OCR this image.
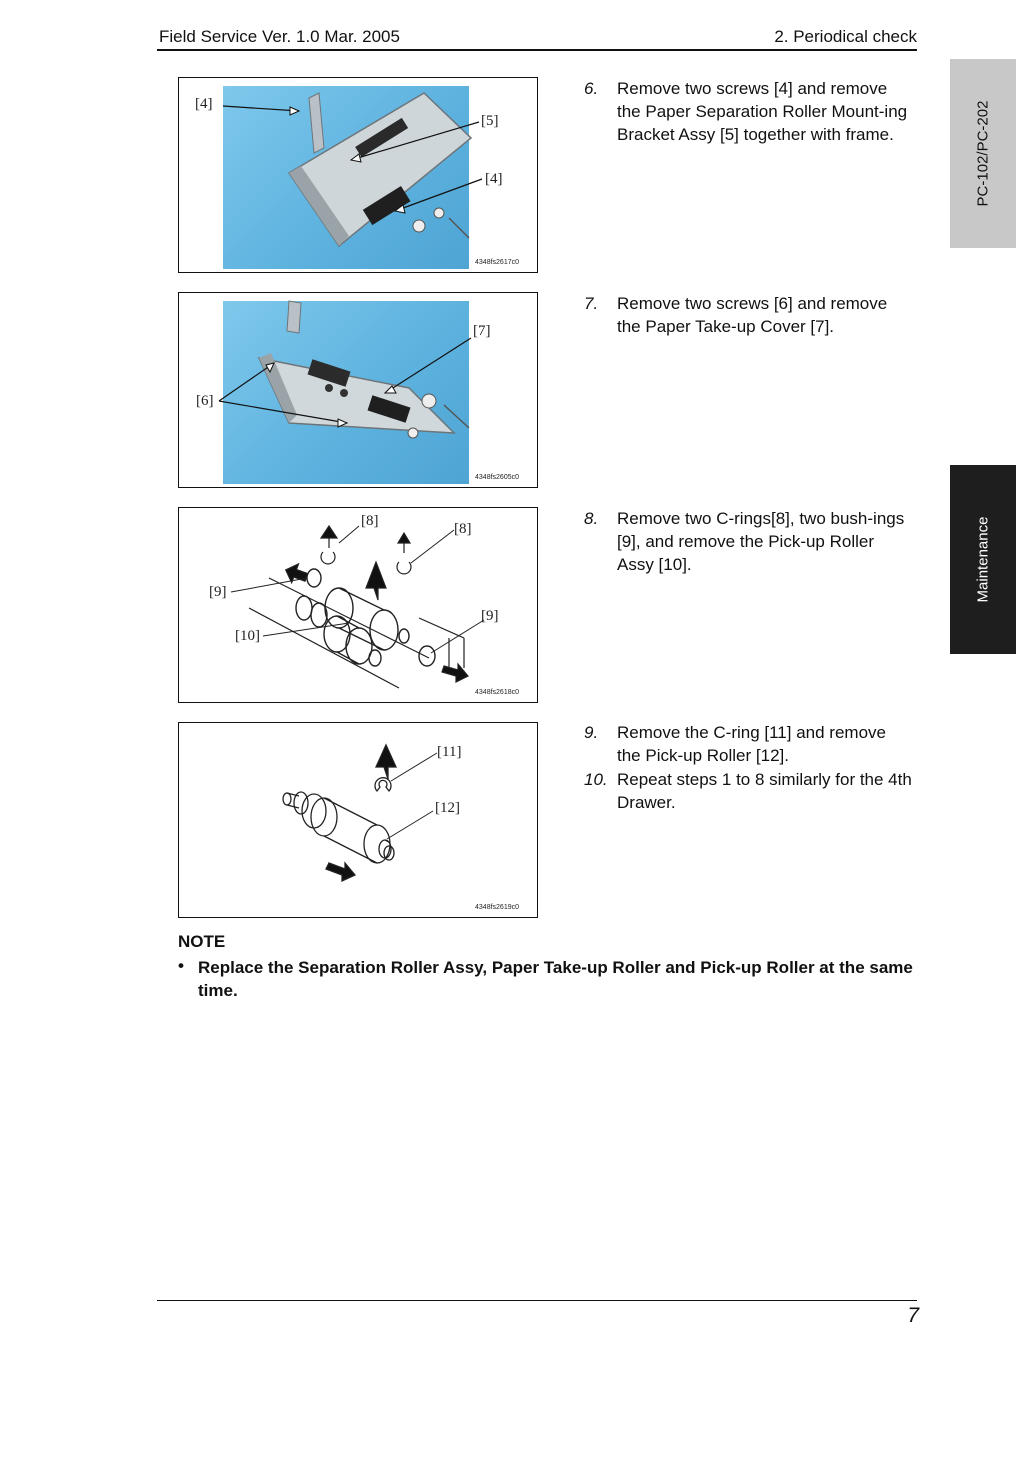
Field Service Ver. 1.0 Mar. 2005	2. Periodical check
PC-102/PC-202
Maintenance
[4]
[5]
[4]
4348fs2617c0
[7]
[6]
4348fs2605c0
[8]	[8]
[9]
[9]
[10]
4348fs2618c0
[11]
[12]
4348fs2619c0
6. Remove two screws [4] and remove the Paper Separation Roller Mount-ing Bracket Assy [5] together with frame.
7. Remove two screws [6] and remove the Paper Take-up Cover [7].
8. Remove two C-rings[8], two bush-ings [9], and remove the Pick-up Roller Assy [10].
9. Remove the C-ring [11] and remove the Pick-up Roller [12].
10. Repeat steps 1 to 8 similarly for the 4th Drawer.
NOTE
• Replace the Separation Roller Assy, Paper Take-up Roller and Pick-up Roller at the same time.
7
